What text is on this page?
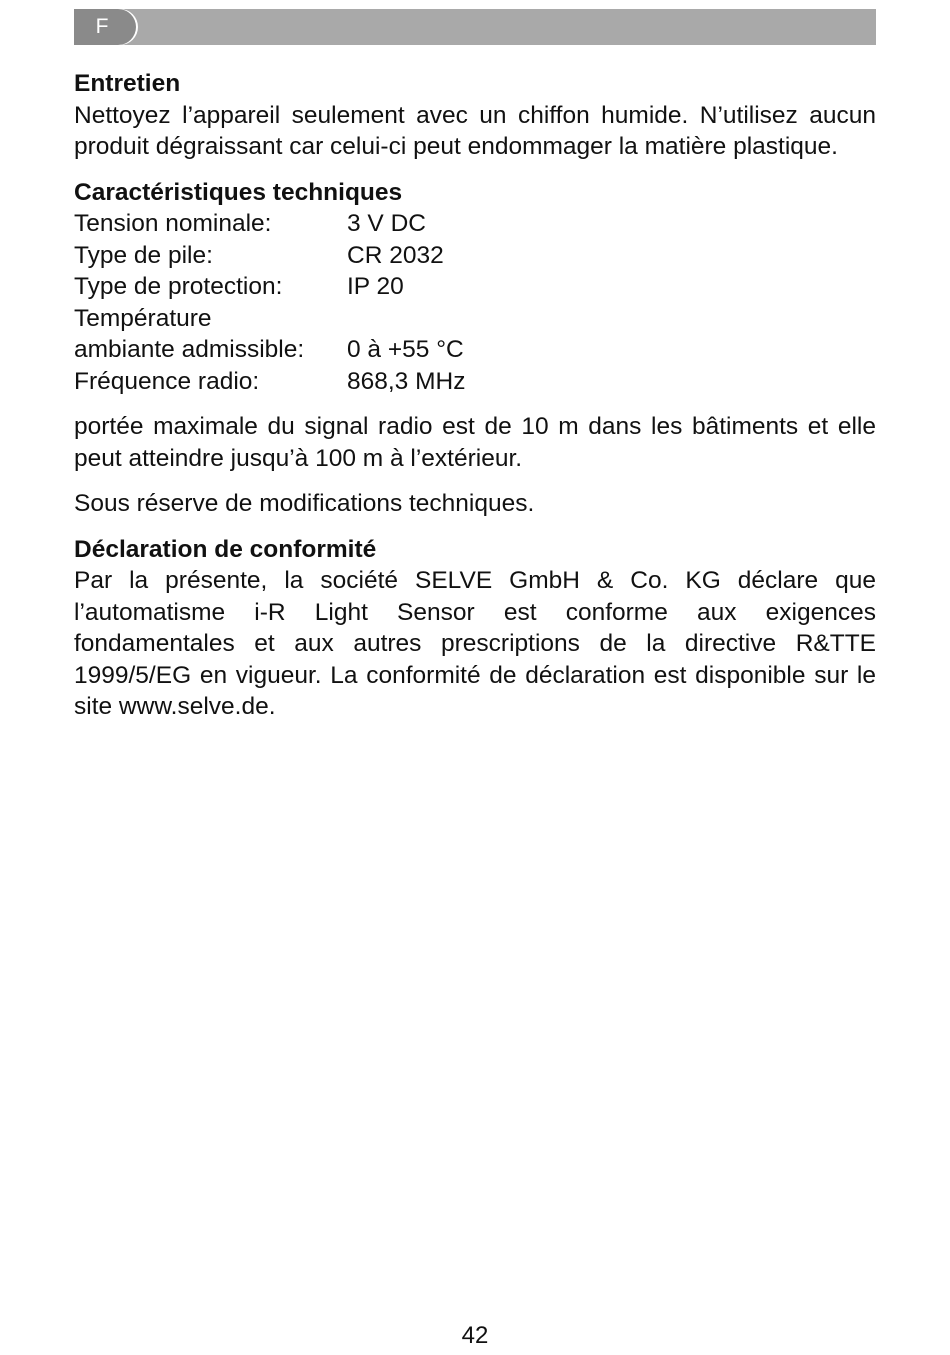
F

Entretien

Nettoyez l’appareil seulement avec un chiffon humide. N’utilisez aucun produit dégraissant car celui-ci peut endommager la matière plastique.

Caractéristiques techniques

Tension nominale:	3 V DC
Type de pile:	CR 2032
Type de protection:	IP 20
Température
ambiante admissible:	0 à +55 °C
Fréquence radio:	868,3 MHz

portée maximale du signal radio est de 10 m dans les bâtiments et elle peut atteindre jusqu’à 100 m à l’extérieur.

Sous réserve de modifications techniques.

Déclaration de conformité

Par la présente, la société SELVE GmbH & Co. KG déclare que l’automatisme i-R Light Sensor est conforme aux exigences fondamentales et aux autres prescriptions de la directive R&TTE 1999/5/EG en vigueur. La conformité de déclaration est disponible sur le site www.selve.de.

42
